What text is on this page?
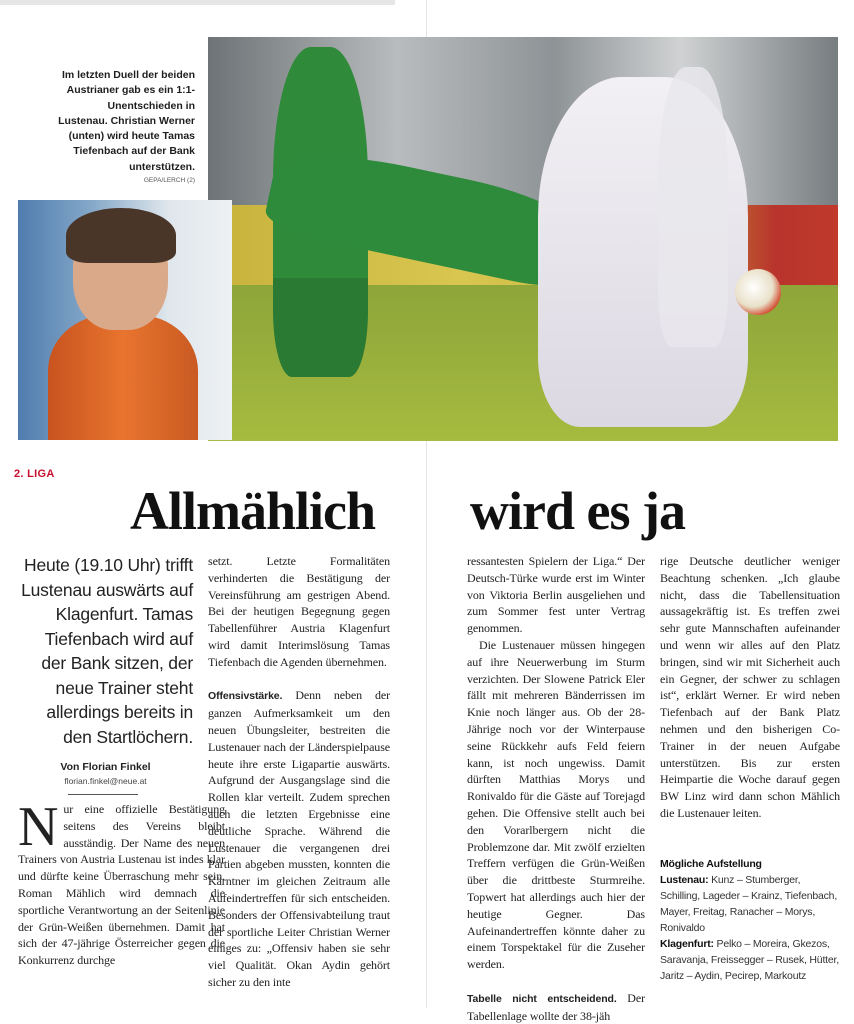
Im letzten Duell der beiden Austrianer gab es ein 1:1-Unentschieden in Lustenau. Christian Werner (unten) wird heute Tamas Tiefenbach auf der Bank unterstützen.
GEPA/LERCH (2)
2. LIGA
Allmählich wird es ja
Heute (19.10 Uhr) trifft Lustenau auswärts auf Klagenfurt. Tamas Tiefenbach wird auf der Bank sitzen, der neue Trainer steht allerdings bereits in den Startlöchern.
Von Florian Finkel
florian.finkel@neue.at
N ur eine offizielle Bestätigung seitens des Vereins bleibt ausständig. Der Name des neuen Trainers von Austria Lustenau ist indes klar und dürfte keine Überraschung mehr sein. Roman Mählich wird demnach die sportliche Verantwortung an der Seitenlinie der Grün-Weißen übernehmen. Damit hat sich der 47-jährige Österreicher gegen die Konkurrenz durchge

setzt. Letzte Formalitäten verhinderten die Bestätigung der Vereinsführung am gestrigen Abend. Bei der heutigen Begegnung gegen Tabellenführer Austria Klagenfurt wird damit Interimslösung Tamas Tiefenbach die Agenden übernehmen.

Offensivstärke. Denn neben der ganzen Aufmerksamkeit um den neuen Übungsleiter, bestreiten die Lustenauer nach der Länderspielpause heute ihre erste Ligapartie auswärts. Aufgrund der Ausgangslage sind die Rollen klar verteilt. Zudem sprechen auch die letzten Ergebnisse eine deutliche Sprache. Während die Lustenauer die vergangenen drei Partien abgeben mussten, konnten die Kärntner im gleichen Zeitraum alle Aufeindertreffen für sich entscheiden. Besonders der Offensivabteilung traut der sportliche Leiter Christian Werner einiges zu: „Offensiv haben sie sehr viel Qualität. Okan Aydin gehört sicher zu den inte

ressantesten Spielern der Liga.“ Der Deutsch-Türke wurde erst im Winter von Viktoria Berlin ausgeliehen und zum Sommer fest unter Vertrag genommen.

Die Lustenauer müssen hingegen auf ihre Neuerwerbung im Sturm verzichten. Der Slowene Patrick Eler fällt mit mehreren Bänderrissen im Knie noch länger aus. Ob der 28-Jährige noch vor der Winterpause seine Rückkehr aufs Feld feiern kann, ist noch ungewiss. Damit dürften Matthias Morys und Ronivaldo für die Gäste auf Torejagd gehen. Die Offensive stellt auch bei den Vorarlbergern nicht die Problemzone dar. Mit zwölf erzielten Treffern verfügen die Grün-Weißen über die drittbeste Sturmreihe. Topwert hat allerdings auch hier der heutige Gegner. Das Aufeinandertreffen könnte daher zu einem Torspektakel für die Zuseher werden.

Tabelle nicht entscheidend. Der Tabellenlage wollte der 38-jäh

rige Deutsche deutlicher weniger Beachtung schenken. „Ich glaube nicht, dass die Tabellensituation aussagekräftig ist. Es treffen zwei sehr gute Mannschaften aufeinander und wenn wir alles auf den Platz bringen, sind wir mit Sicherheit auch ein Gegner, der schwer zu schlagen ist“, erklärt Werner. Er wird neben Tiefenbach auf der Bank Platz nehmen und den bisherigen Co-Trainer in der neuen Aufgabe unterstützen. Bis zur ersten Heimpartie die Woche darauf gegen BW Linz wird dann schon Mählich die Lustenauer leiten.

Mögliche Aufstellung
Lustenau: Kunz – Stumberger, Schilling, Lageder – Krainz, Tiefenbach, Mayer, Freitag, Ranacher – Morys, Ronivaldo
Klagenfurt: Pelko – Moreira, Gkezos, Saravanja, Freissegger – Rusek, Hütter, Jaritz – Aydin, Pecirep, Markoutz
